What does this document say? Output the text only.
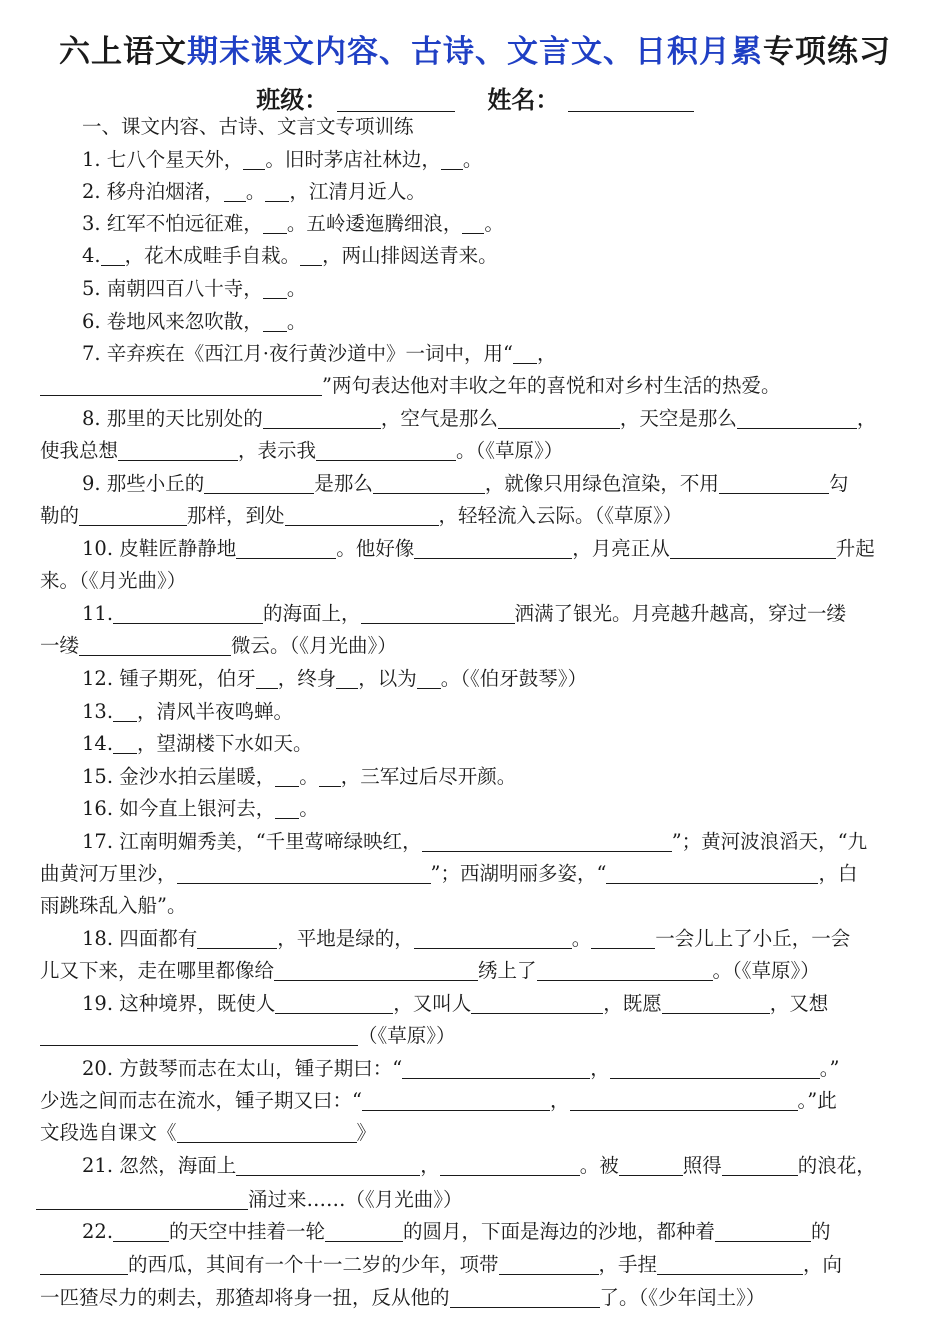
六上语文期末课文内容、古诗、文言文、日积月累专项练习
班级：	姓名：
一、课文内容、古诗、文言文专项训练
1. 七八个星天外， 。旧时茅店社林边， 。
2. 移舟泊烟渚， 。 ，江清月近人。
3. 红军不怕远征难， 。五岭逶迤腾细浪， 。
4. ，花木成畦手自栽。 ，两山排闼送青来。
5. 南朝四百八十寺， 。
6. 卷地风来忽吹散， 。
7. 辛弃疾在《西江月·夜行黄沙道中》一词中，用“ ，
”两句表达他对丰收之年的喜悦和对乡村生活的热爱。
8. 那里的天比别处的	，空气是那么	，天空是那么	，
使我总想	，表示我	。（《草原》）
9. 那些小丘的	是那么	，就像只用绿色渲染，不用	勾
勒的	那样，到处	，轻轻流入云际。（《草原》）
10. 皮鞋匠静静地	。他好像	，月亮正从	升起
来。（《月光曲》）
11.	的海面上，	洒满了银光。月亮越升越高，穿过一缕
一缕	微云。（《月光曲》）
12. 锺子期死，伯牙 ，终身 ，以为 。（《伯牙鼓琴》）
13. ，清风半夜鸣蝉。
14. ，望湖楼下水如天。
15. 金沙水拍云崖暖， 。 ，三军过后尽开颜。
16. 如今直上银河去， 。
17. 江南明媚秀美，“千里莺啼绿映红，	”；黄河波浪滔天，“九
曲黄河万里沙，	”；西湖明丽多姿，“	，白
雨跳珠乱入船”。
18. 四面都有	，平地是绿的，	。	一会儿上了小丘，一会
儿又下来，走在哪里都像给	绣上了	。（《草原》）
19. 这种境界，既使人	，又叫人	，既愿	，又想
（《草原》）
20. 方鼓琴而志在太山，锺子期曰：“	，	。”
少选之间而志在流水，锺子期又曰：“	，	。”此
文段选自课文《	》
21. 忽然，海面上	，	。被	照得	的浪花，
涌过来……（《月光曲》）
22.	的天空中挂着一轮	的圆月，下面是海边的沙地，都种着	的
的西瓜，其间有一个十一二岁的少年，项带	，手捏	，向
一匹猹尽力的刺去，那猹却将身一扭，反从他的	了。（《少年闰土》）
